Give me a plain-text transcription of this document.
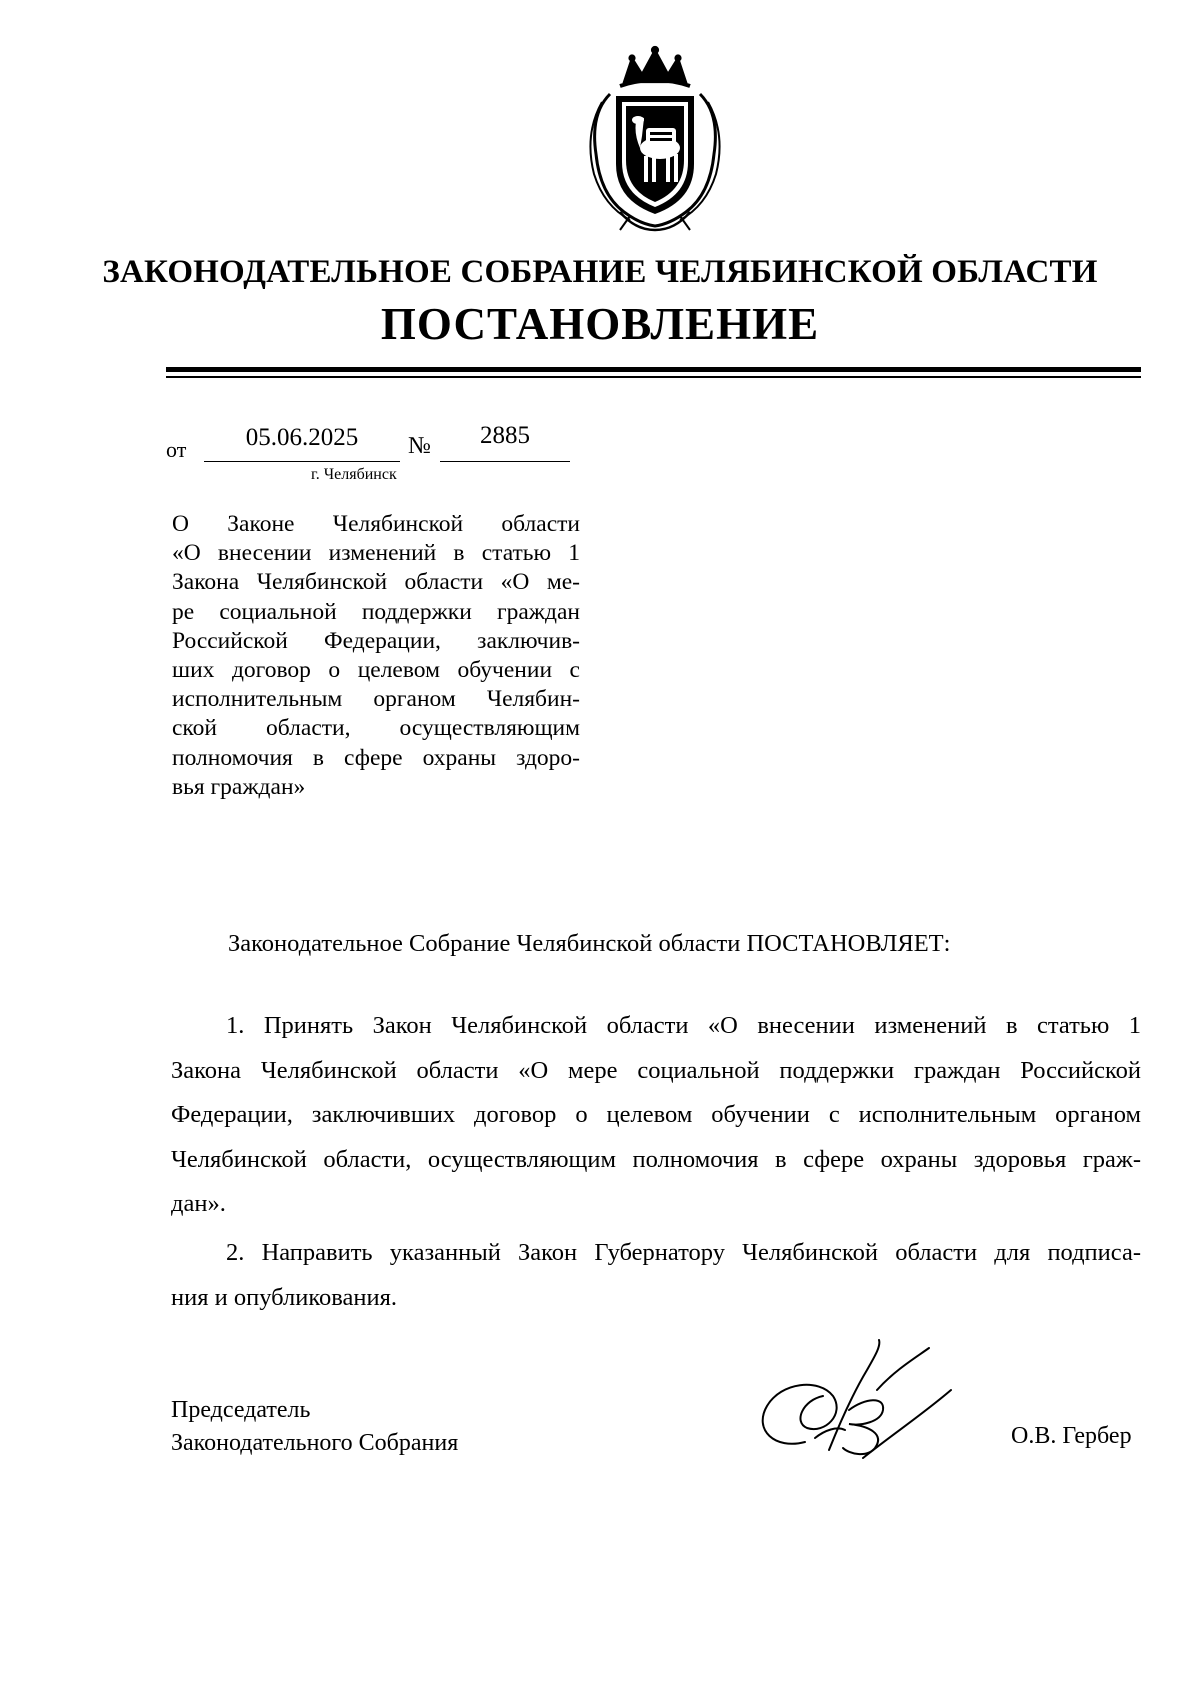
ЗАКОНОДАТЕЛЬНОЕ СОБРАНИЕ ЧЕЛЯБИНСКОЙ ОБЛАСТИ
ПОСТАНОВЛЕНИЕ
от	05.06.2025	№	2885
г. Челябинск
О Законе Челябинской области
«О внесении изменений в статью 1
Закона Челябинской области «О ме-
ре социальной поддержки граждан
Российской Федерации, заключив-
ших договор о целевом обучении с
исполнительным органом Челябин-
ской области, осуществляющим
полномочия в сфере охраны здоро-
вья граждан»
Законодательное Собрание Челябинской области ПОСТАНОВЛЯЕТ:
1. Принять Закон Челябинской области «О внесении изменений в статью 1
Закона Челябинской области «О мере социальной поддержки граждан Российской
Федерации, заключивших договор о целевом обучении с исполнительным органом
Челябинской области, осуществляющим полномочия в сфере охраны здоровья граж-
дан».
2. Направить указанный Закон Губернатору Челябинской области для подписа-
ния и опубликования.
Председатель
Законодательного Собрания	О.В. Гербер
